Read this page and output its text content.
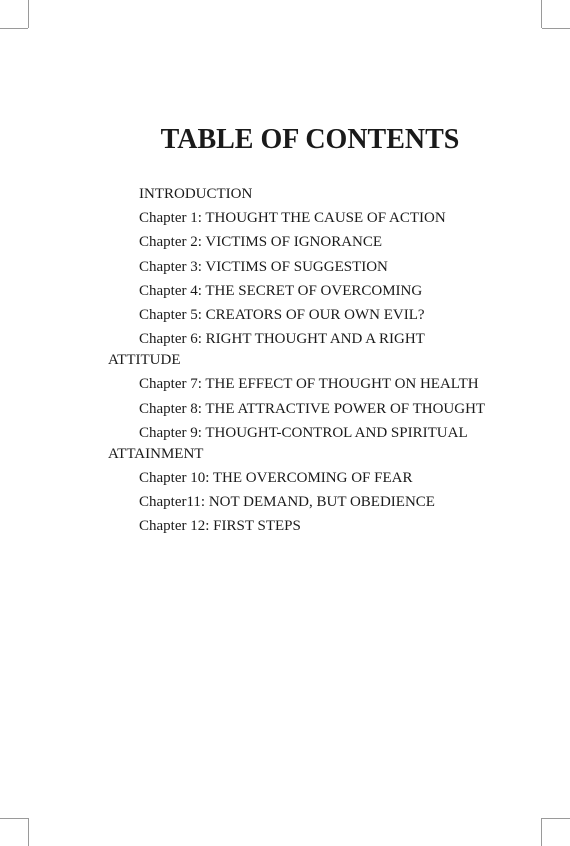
TABLE OF CONTENTS
INTRODUCTION
Chapter 1: THOUGHT THE CAUSE OF ACTION
Chapter 2: VICTIMS OF IGNORANCE
Chapter 3: VICTIMS OF SUGGESTION
Chapter 4: THE SECRET OF OVERCOMING
Chapter 5: CREATORS OF OUR OWN EVIL?
Chapter 6: RIGHT THOUGHT AND A RIGHT ATTITUDE
Chapter 7: THE EFFECT OF THOUGHT ON HEALTH
Chapter 8: THE ATTRACTIVE POWER OF THOUGHT
Chapter 9: THOUGHT-CONTROL AND SPIRITUAL ATTAINMENT
Chapter 10: THE OVERCOMING OF FEAR
Chapter11: NOT DEMAND, BUT OBEDIENCE
Chapter 12: FIRST STEPS
